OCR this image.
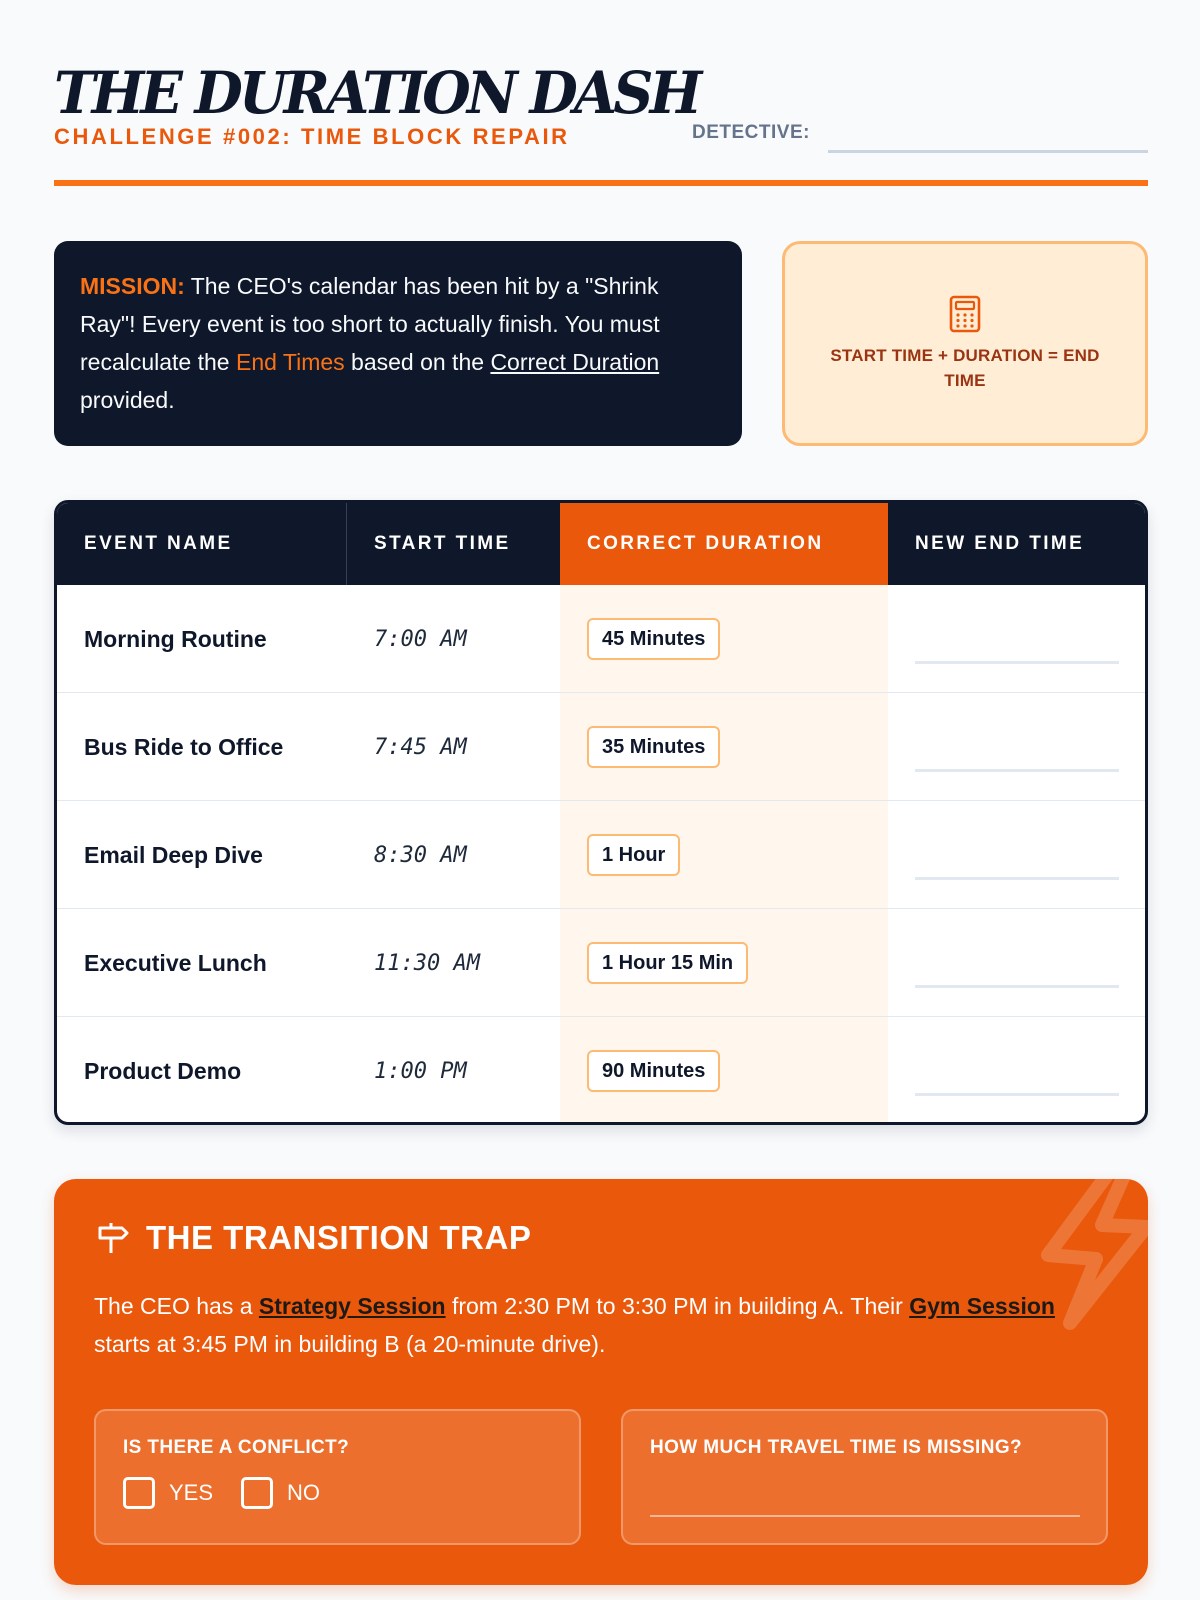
THE DURATION DASH
CHALLENGE #002: TIME BLOCK REPAIR	DETECTIVE:
MISSION: The CEO's calendar has been hit by a "Shrink Ray"! Every event is too short to actually finish. You must recalculate the End Times based on the Correct Duration provided.
START TIME + DURATION = END TIME
EVENT NAME	START TIME	CORRECT DURATION	NEW END TIME
Morning Routine	7:00 AM	45 Minutes
Bus Ride to Office	7:45 AM	35 Minutes
Email Deep Dive	8:30 AM	1 Hour
Executive Lunch	11:30 AM	1 Hour 15 Min
Product Demo	1:00 PM	90 Minutes
THE TRANSITION TRAP
The CEO has a Strategy Session from 2:30 PM to 3:30 PM in building A. Their Gym Session starts at 3:45 PM in building B (a 20-minute drive).
IS THERE A CONFLICT?
YES	NO
HOW MUCH TRAVEL TIME IS MISSING?
